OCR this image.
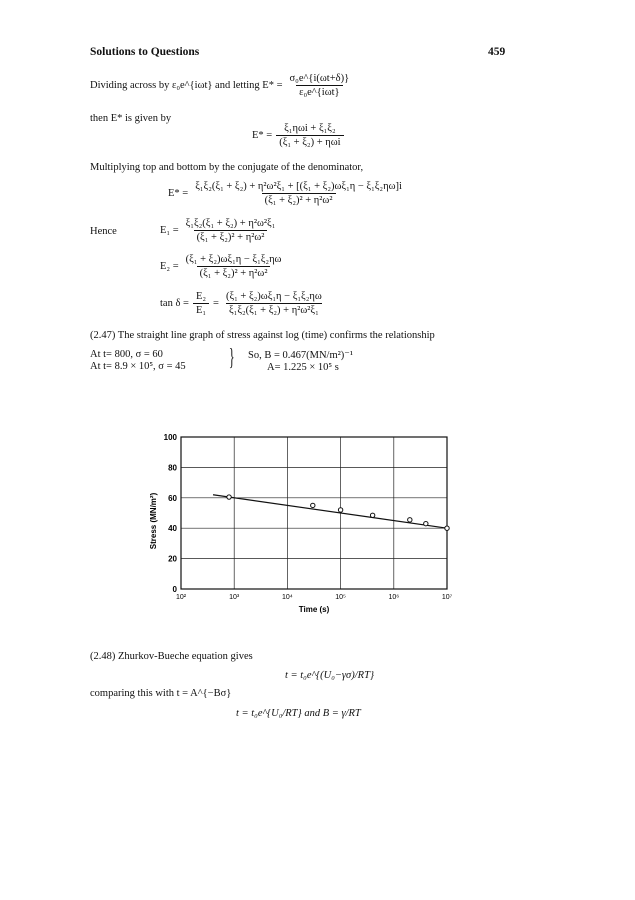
Solutions to Questions	459
Dividing across by ε₀e^{iωt} and letting $E* = \frac{\text{σ₀e\textasciicircum{}\{i(ωt+δ)\}}}{\text{ε₀e\textasciicircum{}\{iωt\}}}$
then E* is given by
$E* = \frac{\text{ξ₁ηωi + ξ₁ξ₂}}{\text{(ξ₁ + ξ₂) + ηωi}}$
Multiplying top and bottom by the conjugate of the denominator,
$E* = \frac{\text{ξ₁ξ₂(ξ₁ + ξ₂) + η²ω²ξ₁ + [(ξ₁ + ξ₂)ωξ₁η − ξ₁ξ₂ηω]i}}{\text{(ξ₁ + ξ₂)² + η²ω²}}$
Hence	$E_1 = \frac{\text{ξ₁ξ₂(ξ₁ + ξ₂) + η²ω²ξ₁}}{\text{(ξ₁ + ξ₂)² + η²ω²}}$
$E_2 = \frac{\text{(ξ₁ + ξ₂)ωξ₁η − ξ₁ξ₂ηω}}{\text{(ξ₁ + ξ₂)² + η²ω²}}$
$\tan \delta = \frac{\text{E₂}}{\text{E₁}} = \frac{\text{(ξ₁ + ξ₂)ωξ₁η − ξ₁ξ₂ηω}}{\text{ξ₁ξ₂(ξ₁ + ξ₂) + η²ω²ξ₁}}$
(2.47) The straight line graph of stress against log (time) confirms the relationship
At t= 800, σ = 60
At t= 8.9 × 10⁵, σ = 45 } So, B = 0.467(MN/m²)⁻¹
A= 1.225 × 10⁵ s
0
20
40
60
80
100
10²	10³	10⁴	10⁵	10⁶	10⁷
Time (s)
Stress (MN/m²)
(2.48) Zhurkov-Bueche equation gives
t = t₀e^{(U₀−γσ)/RT}
comparing this with t = A^{−Bσ}
t = t₀e^{U₀/RT} and B = γ/RT
